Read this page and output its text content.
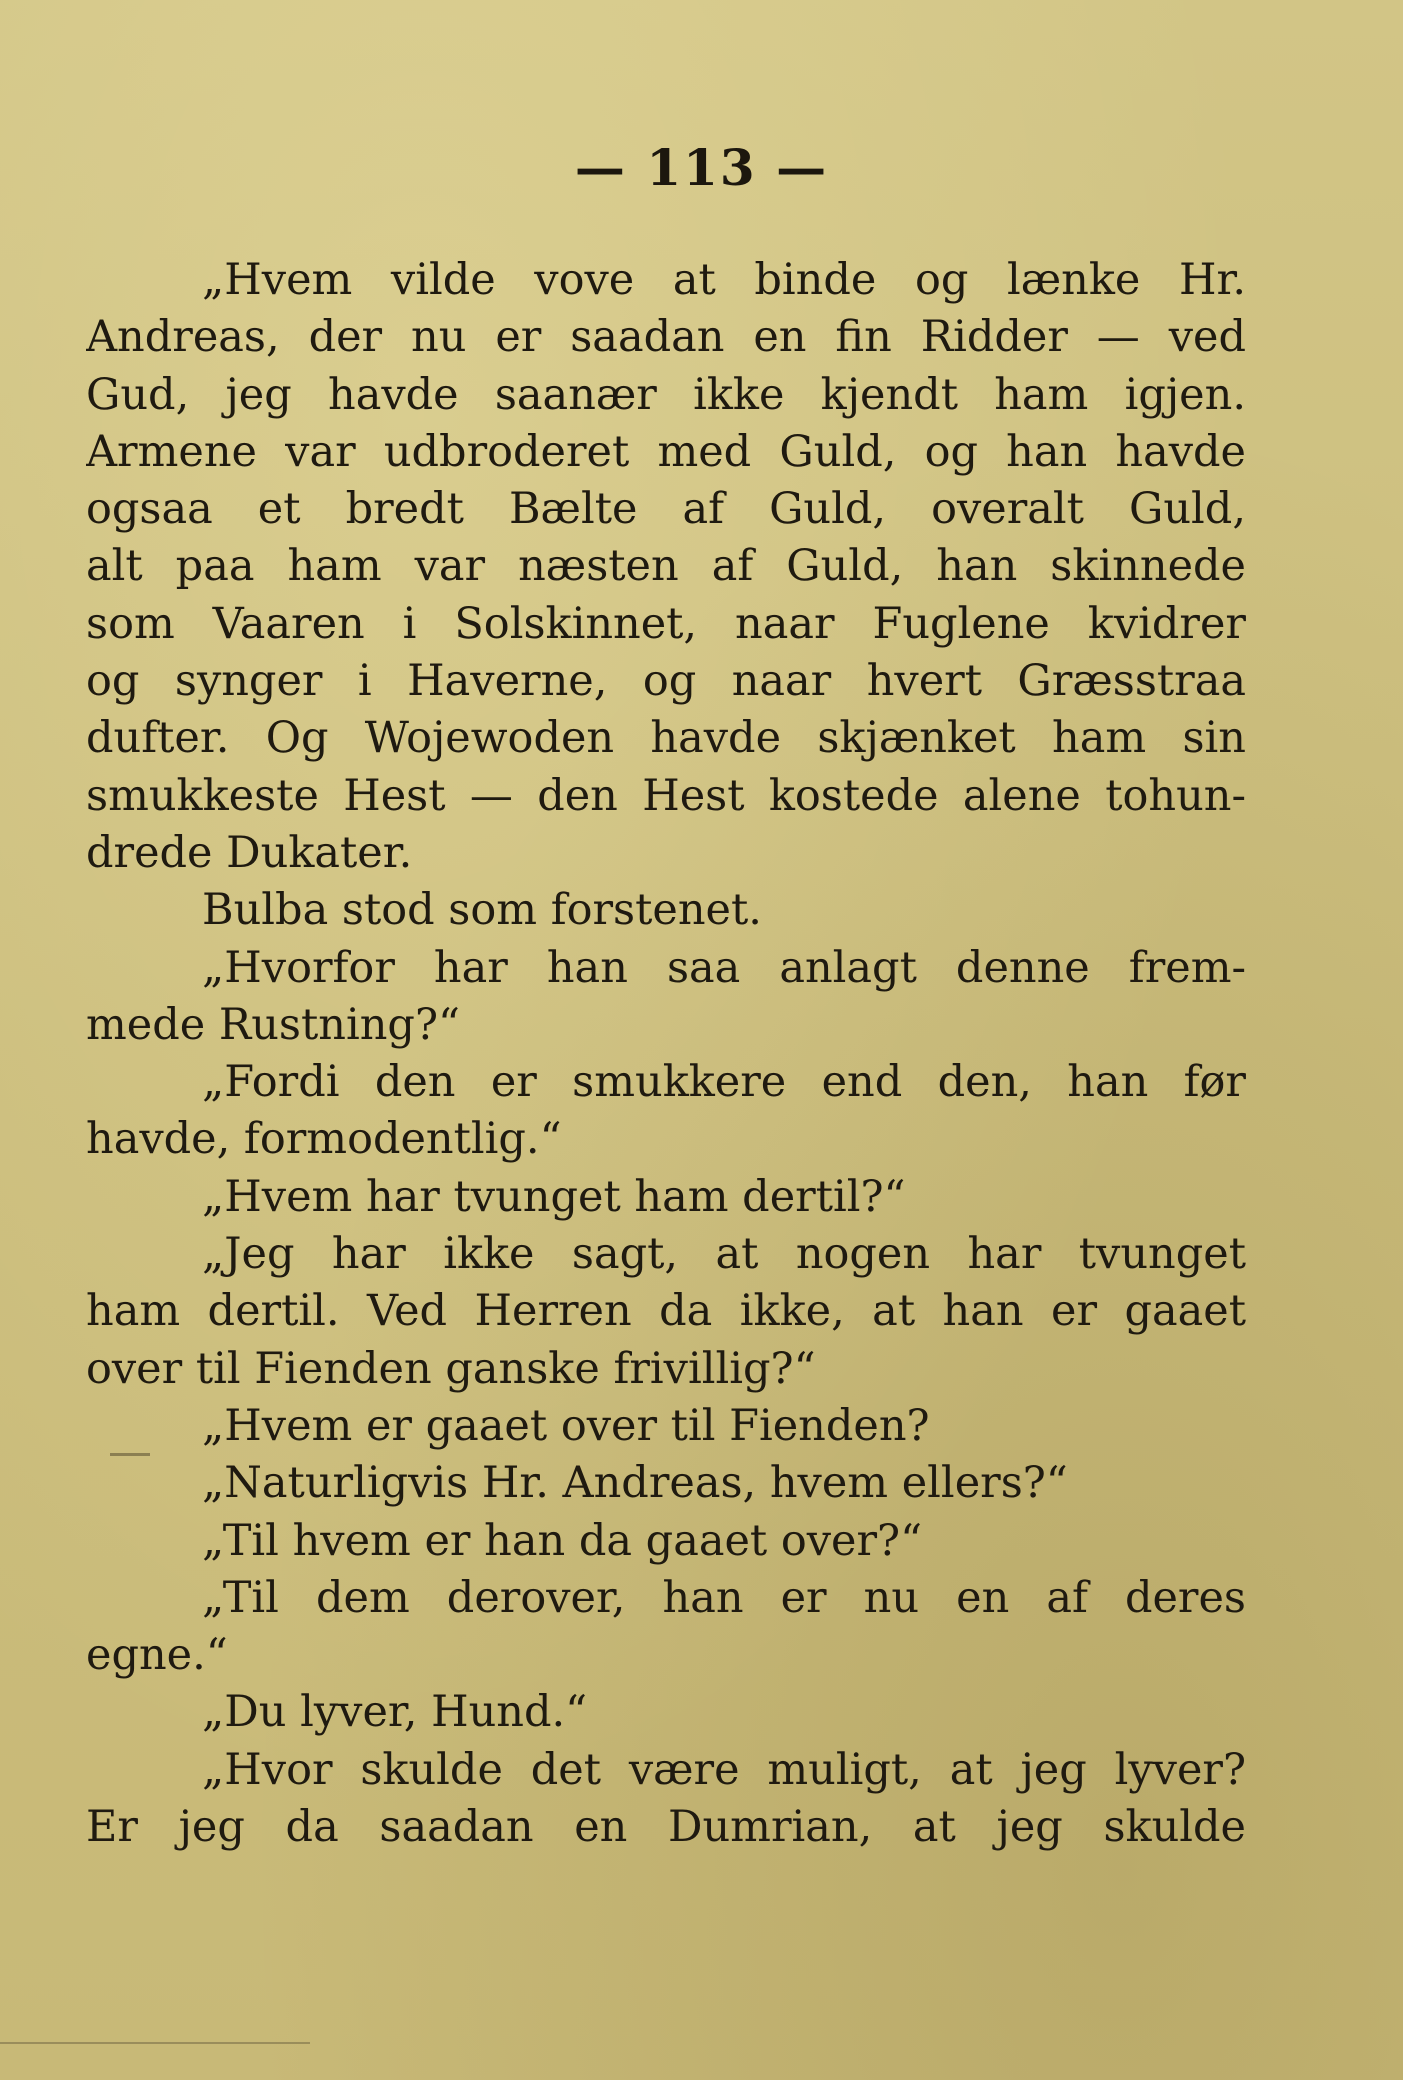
— 113 —
„Hvem vilde vove at binde og lænke Hr.
Andreas, der nu er saadan en fin Ridder — ved
Gud, jeg havde saanær ikke kjendt ham igjen.
Armene var udbroderet med Guld, og han havde
ogsaa et bredt Bælte af Guld, overalt Guld,
alt paa ham var næsten af Guld, han skinnede
som Vaaren i Solskinnet, naar Fuglene kvidrer
og synger i Haverne, og naar hvert Græsstraa
dufter. Og Wojewoden havde skjænket ham sin
smukkeste Hest — den Hest kostede alene tohun-
drede Dukater.
Bulba stod som forstenet.
„Hvorfor har han saa anlagt denne frem-
mede Rustning?“
„Fordi den er smukkere end den, han før
havde, formodentlig.“
„Hvem har tvunget ham dertil?“
„Jeg har ikke sagt, at nogen har tvunget
ham dertil. Ved Herren da ikke, at han er gaaet
over til Fienden ganske frivillig?“
„Hvem er gaaet over til Fienden?
„Naturligvis Hr. Andreas, hvem ellers?“
„Til hvem er han da gaaet over?“
„Til dem derover, han er nu en af deres
egne.“
„Du lyver, Hund.“
„Hvor skulde det være muligt, at jeg lyver?
Er jeg da saadan en Dumrian, at jeg skulde
